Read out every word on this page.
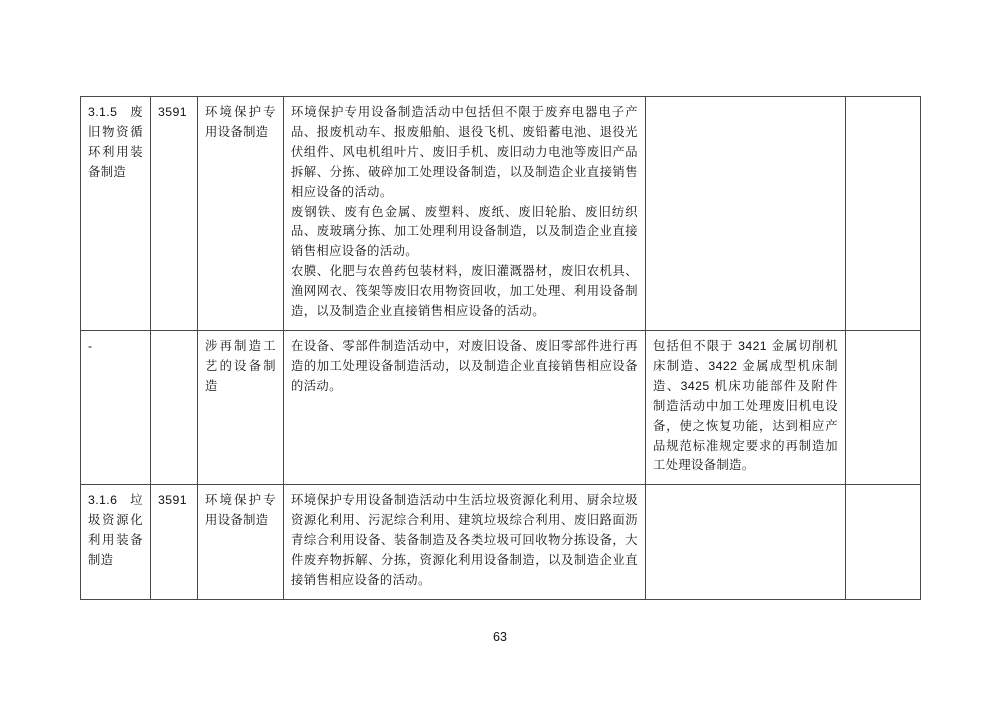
3.1.5 废旧物资循环利用装备制造	3591	环境保护专用设备制造	环境保护专用设备制造活动中包括但不限于废弃电器电子产品、报废机动车、报废船舶、退役飞机、废铅蓄电池、退役光伏组件、风电机组叶片、废旧手机、废旧动力电池等废旧产品拆解、分拣、破碎加工处理设备制造，以及制造企业直接销售相应设备的活动。

废钢铁、废有色金属、废塑料、废纸、废旧轮胎、废旧纺织品、废玻璃分拣、加工处理利用设备制造，以及制造企业直接销售相应设备的活动。

农膜、化肥与农兽药包装材料，废旧灌溉器材，废旧农机具、渔网网衣、筏架等废旧农用物资回收，加工处理、利用设备制造，以及制造企业直接销售相应设备的活动。		

-		涉再制造工艺的设备制造	在设备、零部件制造活动中，对废旧设备、废旧零部件进行再造的加工处理设备制造活动，以及制造企业直接销售相应设备的活动。	包括但不限于 3421 金属切削机床制造、3422 金属成型机床制造、3425 机床功能部件及附件制造活动中加工处理废旧机电设备，使之恢复功能，达到相应产品规范标准规定要求的再制造加工处理设备制造。	

3.1.6 垃圾资源化利用装备制造	3591	环境保护专用设备制造	环境保护专用设备制造活动中生活垃圾资源化利用、厨余垃圾资源化利用、污泥综合利用、建筑垃圾综合利用、废旧路面沥青综合利用设备、装备制造及各类垃圾可回收物分拣设备，大件废弃物拆解、分拣，资源化利用设备制造，以及制造企业直接销售相应设备的活动。		

63
